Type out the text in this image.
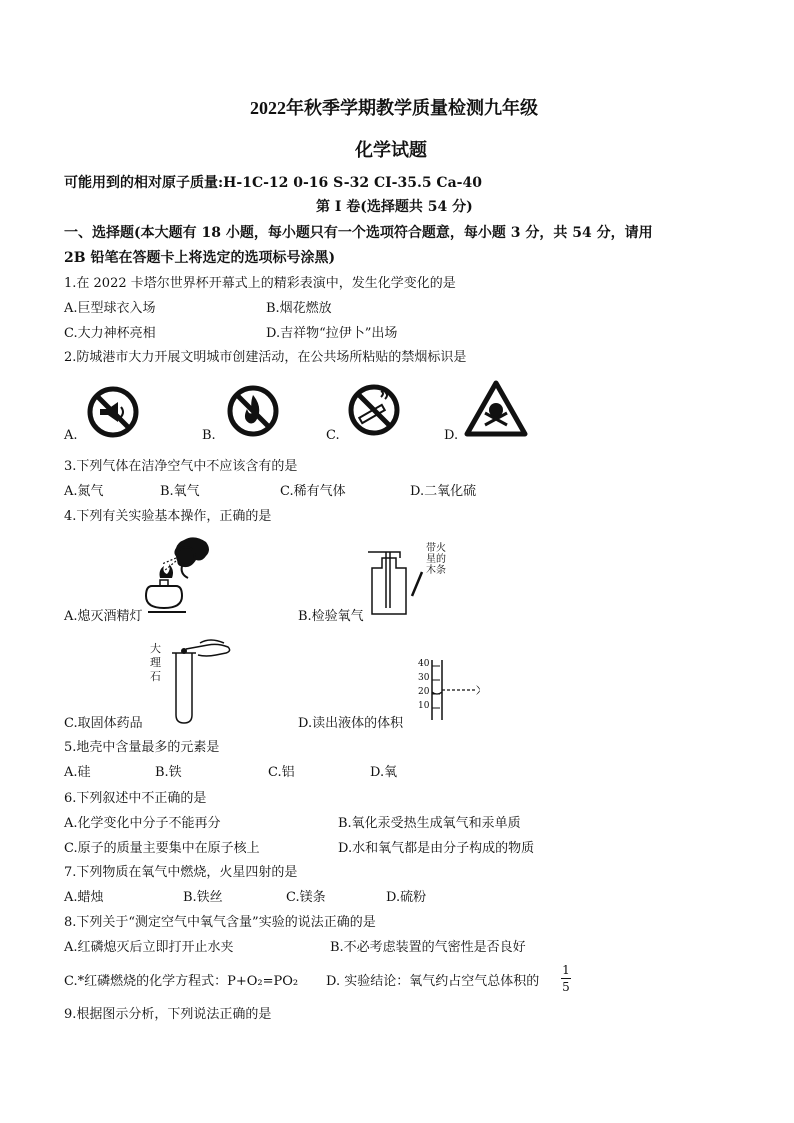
2022年秋季学期教学质量检测九年级
化学试题
可能用到的相对原子质量:H-1C-12 0-16 S-32 CI-35.5 Ca-40
第 I 卷(选择题共 54 分)
一、选择题(本大题有 18 小题，每小题只有一个选项符合题意，每小题 3 分，共 54 分，请用
2B 铅笔在答题卡上将选定的选项标号涂黑)
1.在 2022 卡塔尔世界杯开幕式上的精彩表演中，发生化学变化的是
A.巨型球衣入场	B.烟花燃放
C.大力神杯亮相	D.吉祥物“拉伊卜”出场
2.防城港市大力开展文明城市创建活动，在公共场所粘贴的禁烟标识是
A.	B.	C.	D.
3.下列气体在洁净空气中不应该含有的是
A.氮气	B.氧气	C.稀有气体	D.二氧化硫
4.下列有关实验基本操作，正确的是
A.熄灭酒精灯
带火
星的
木条
B.检验氧气
大
理
石
C.取固体药品
40
30
20
10
D.读出液体的体积
5.地壳中含量最多的元素是
A.硅	B.铁	C.铝	D.氧
6.下列叙述中不正确的是
A.化学变化中分子不能再分	B.氧化汞受热生成氧气和汞单质
C.原子的质量主要集中在原子核上	D.水和氧气都是由分子构成的物质
7.下列物质在氧气中燃烧，火星四射的是
A.蜡烛	B.铁丝	C.镁条	D.硫粉
8.下列关于“测定空气中氧气含量”实验的说法正确的是
A.红磷熄灭后立即打开止水夹	B.不必考虑装置的气密性是否良好
C.*红磷燃烧的化学方程式：P+O₂=PO₂ D. 实验结论：氧气约占空气总体积的
1
5
9.根据图示分析，下列说法正确的是
